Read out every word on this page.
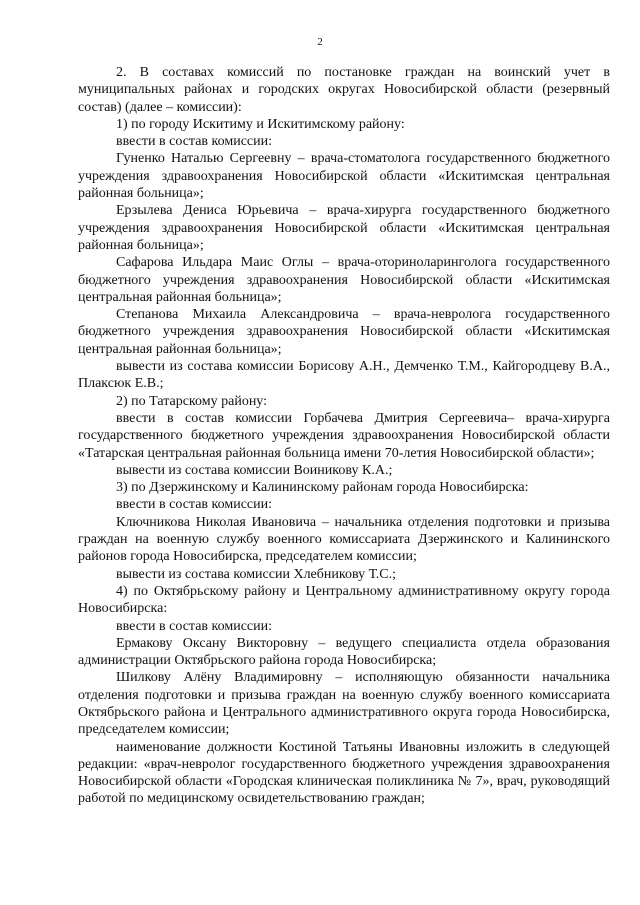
2

2. В составах комиссий по постановке граждан на воинский учет в муниципальных районах и городских округах Новосибирской области (резервный состав) (далее – комиссии):

1) по городу Искитиму и Искитимскому району:

ввести в состав комиссии:

Гуненко Наталью Сергеевну – врача-стоматолога государственного бюджетного учреждения здравоохранения Новосибирской области «Искитимская центральная районная больница»;

Ерзылева Дениса Юрьевича – врача-хирурга государственного бюджетного учреждения здравоохранения Новосибирской области «Искитимская центральная районная больница»;

Сафарова Ильдара Маис Оглы – врача-оториноларинголога государственного бюджетного учреждения здравоохранения Новосибирской области «Искитимская центральная районная больница»;

Степанова Михаила Александровича – врача-невролога государственного бюджетного учреждения здравоохранения Новосибирской области «Искитимская центральная районная больница»;

вывести из состава комиссии Борисову А.Н., Демченко Т.М., Кайгородцеву В.А., Плаксюк Е.В.;

2) по Татарскому району:

ввести в состав комиссии Горбачева Дмитрия Сергеевича– врача-хирурга государственного бюджетного учреждения здравоохранения Новосибирской области «Татарская центральная районная больница имени 70-летия Новосибирской области»;

вывести из состава комиссии Воиникову К.А.;

3) по Дзержинскому и Калининскому районам города Новосибирска:

ввести в состав комиссии:

Ключникова Николая Ивановича – начальника отделения подготовки и призыва граждан на военную службу военного комиссариата Дзержинского и Калининского районов города Новосибирска, председателем комиссии;

вывести из состава комиссии Хлебникову Т.С.;

4) по Октябрьскому району и Центральному административному округу города Новосибирска:

ввести в состав комиссии:

Ермакову Оксану Викторовну – ведущего специалиста отдела образования администрации Октябрьского района города Новосибирска;

Шилкову Алёну Владимировну – исполняющую обязанности начальника отделения подготовки и призыва граждан на военную службу военного комиссариата Октябрьского района и Центрального административного округа города Новосибирска, председателем комиссии;

наименование должности Костиной Татьяны Ивановны изложить в следующей редакции: «врач-невролог государственного бюджетного учреждения здравоохранения Новосибирской области «Городская клиническая поликлиника № 7», врач, руководящий работой по медицинскому освидетельствованию граждан;
